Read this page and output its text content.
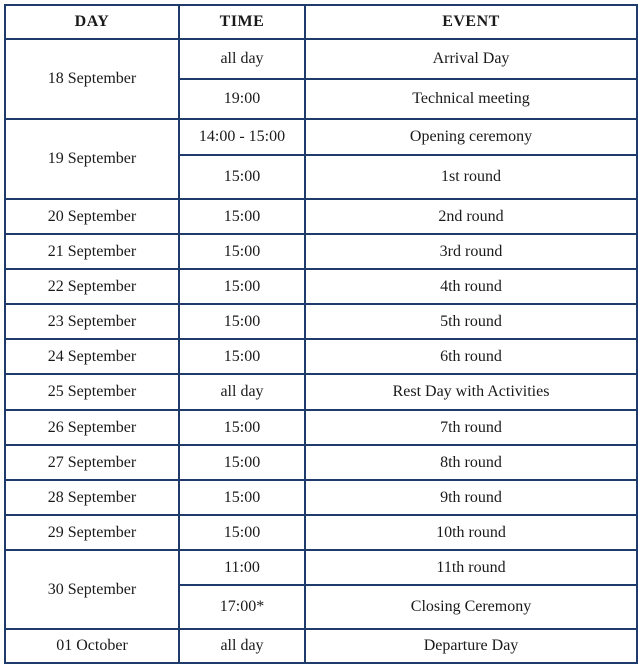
DAY	TIME	EVENT
18 September	all day	Arrival Day
	19:00	Technical meeting
19 September	14:00 - 15:00	Opening ceremony
	15:00	1st round
20 September	15:00	2nd round
21 September	15:00	3rd round
22 September	15:00	4th round
23 September	15:00	5th round
24 September	15:00	6th round
25 September	all day	Rest Day with Activities
26 September	15:00	7th round
27 September	15:00	8th round
28 September	15:00	9th round
29 September	15:00	10th round
30 September	11:00	11th round
	17:00*	Closing Ceremony
01 October	all day	Departure Day
